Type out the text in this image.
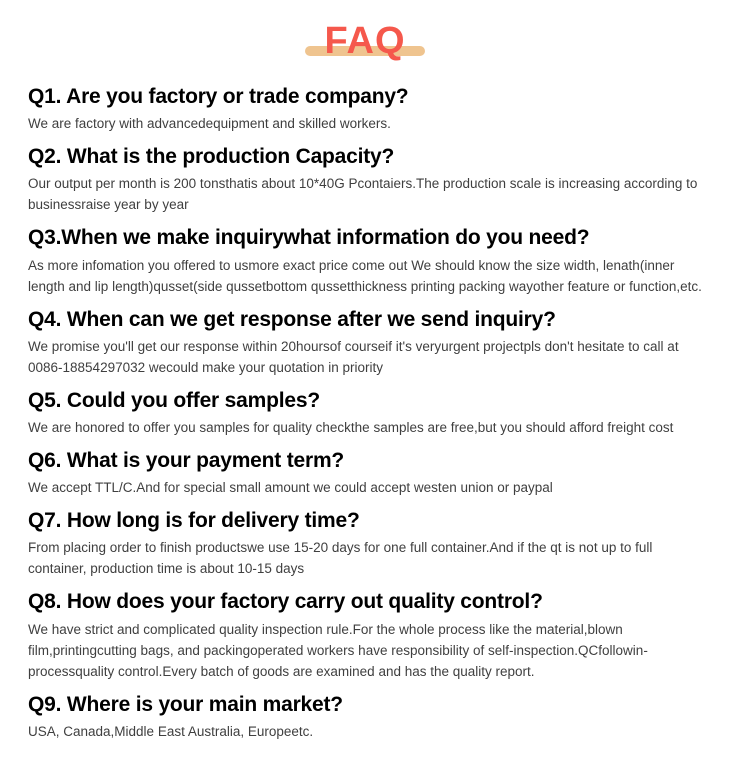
FAQ
Q1. Are you factory or trade company?

We are factory with advancedequipment and skilled workers.

Q2. What is the production Capacity?

Our output per month is 200 tonsthatis about 10*40G Pcontaiers.The production scale is increasing according to businessraise year by year

Q3.When we make inquirywhat information do you need?

As more infomation you offered to usmore exact price come out We should know the size width, lenath(inner length and lip length)qusset(side qussetbottom qussetthickness printing packing wayother feature or function,etc.

Q4. When can we get response after we send inquiry?

We promise you'll get our response within 20hoursof courseif it's veryurgent projectpls don't hesitate to call at 0086-18854297032 wecould make your quotation in priority

Q5. Could you offer samples?

We are honored to offer you samples for quality checkthe samples are free,but you should afford freight cost

Q6. What is your payment term?

We accept TTL/C.And for special small amount we could accept westen union or paypal

Q7. How long is for delivery time?

From placing order to finish productswe use 15-20 days for one full container.And if the qt is not up to full container, production time is about 10-15 days

Q8. How does your factory carry out quality control?

We have strict and complicated quality inspection rule.For the whole process like the material,blown film,printingcutting bags, and packingoperated workers have responsibility of self-inspection.QCfollowin-processquality control.Every batch of goods are examined and has the quality report.

Q9. Where is your main market?

USA, Canada,Middle East Australia, Europeetc.
